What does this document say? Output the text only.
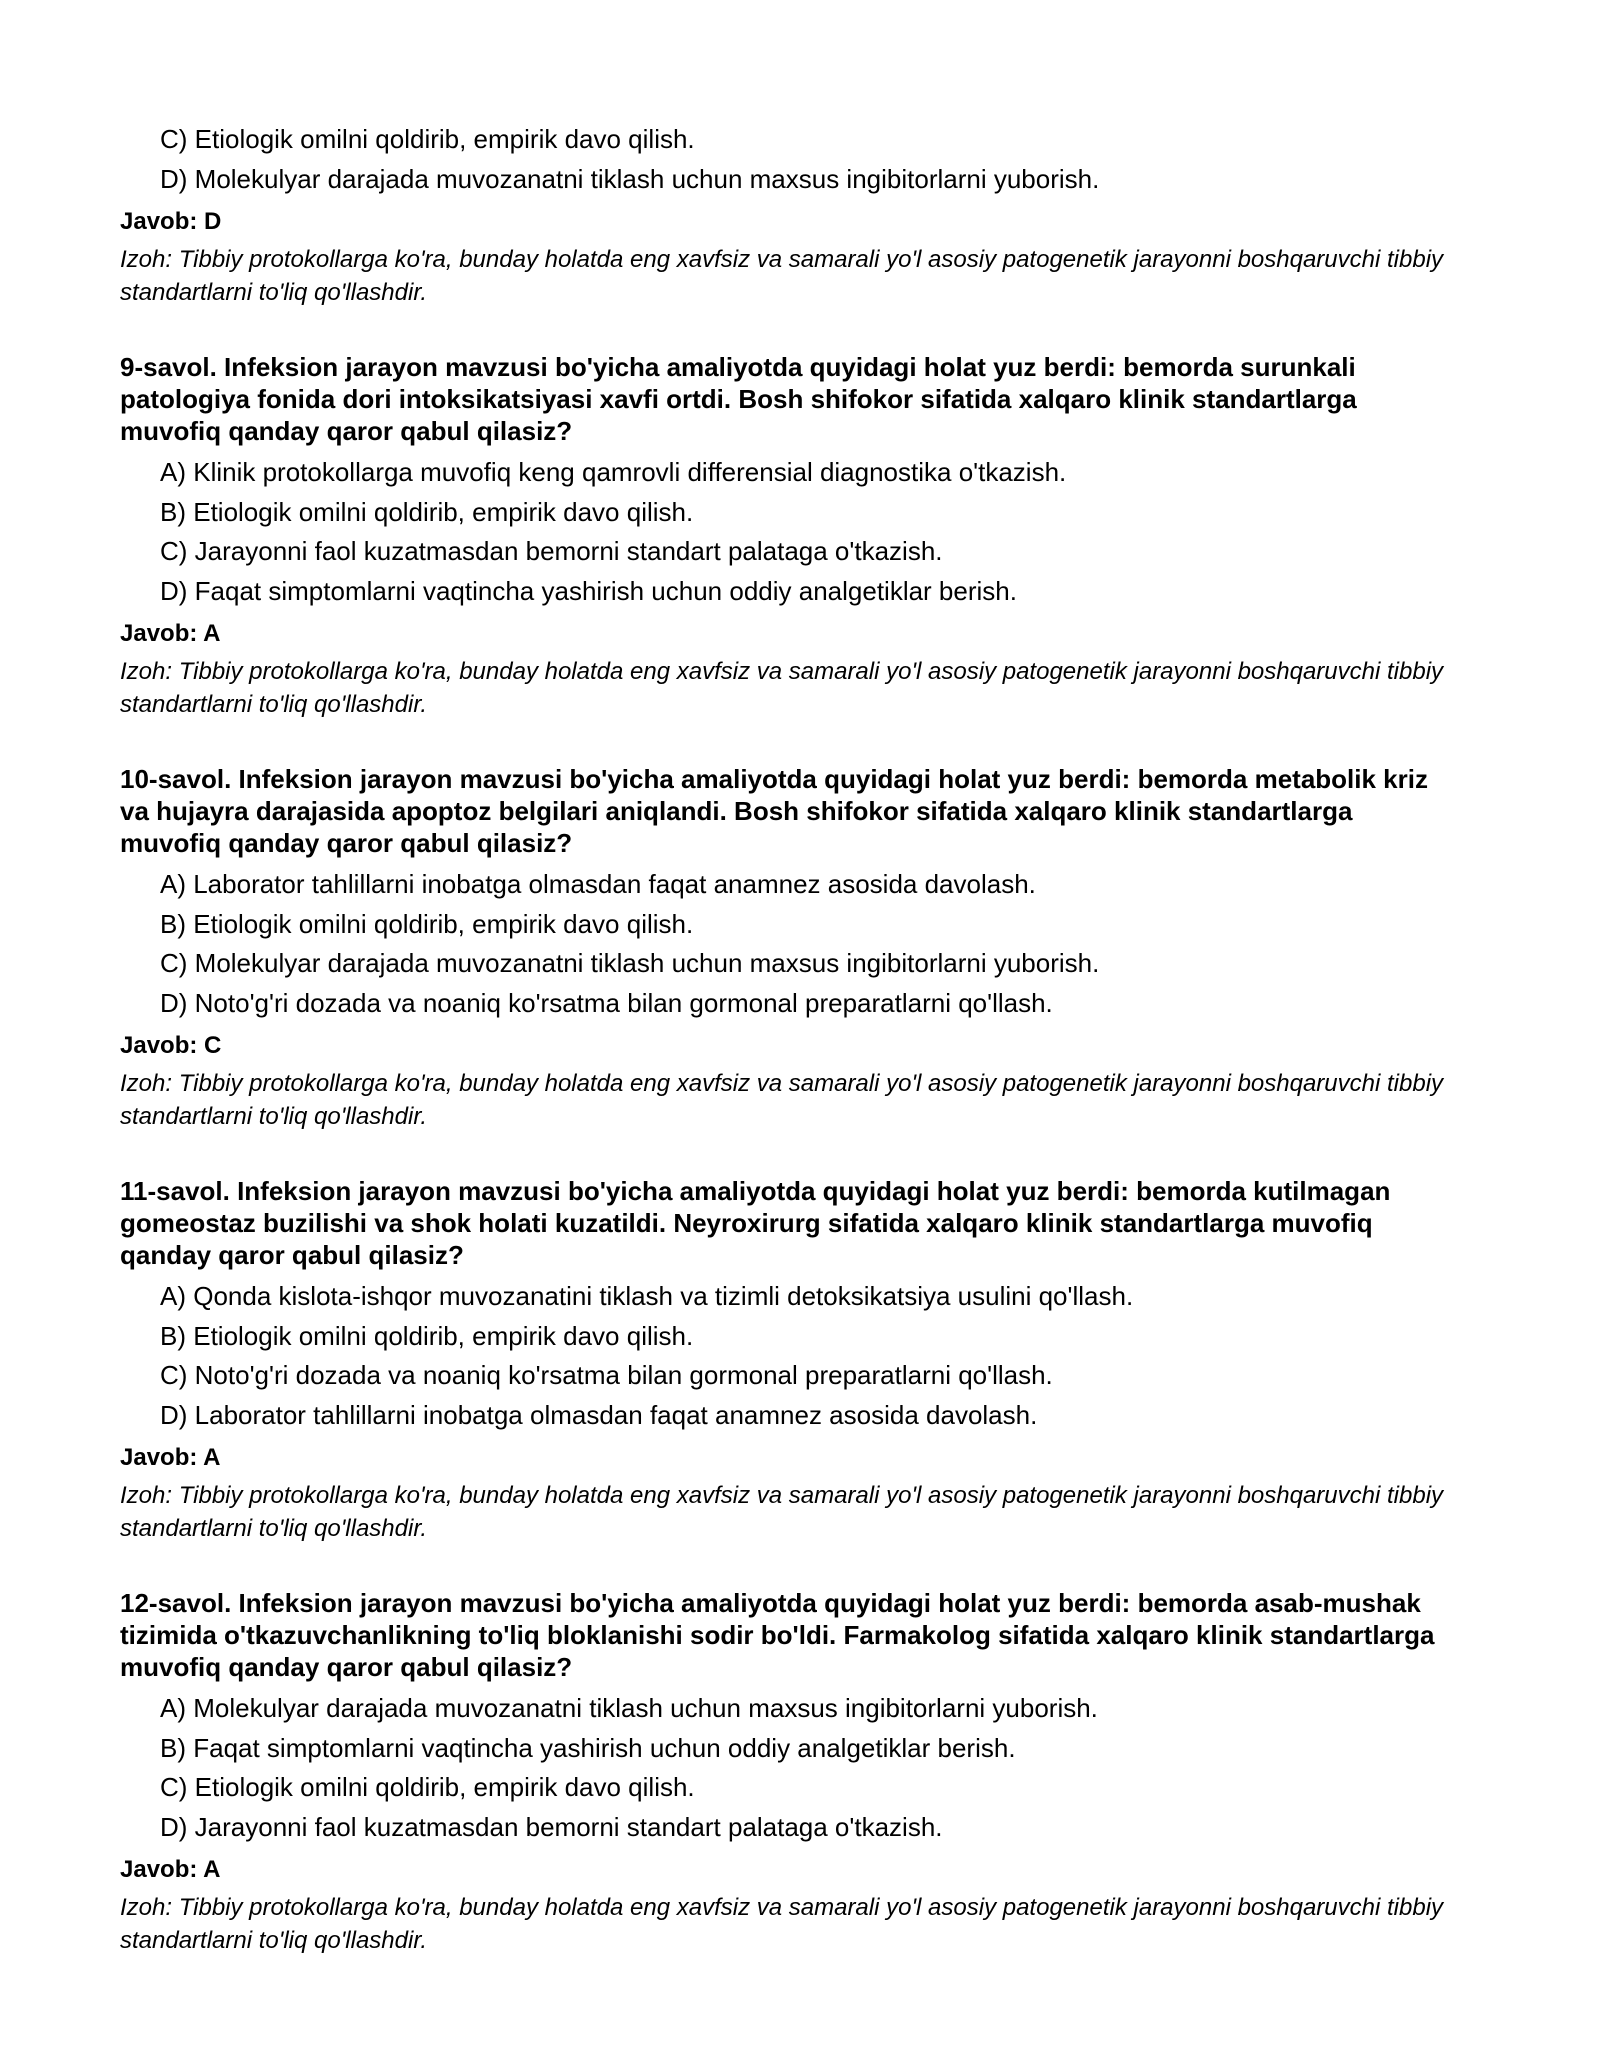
C) Etiologik omilni qoldirib, empirik davo qilish.
D) Molekulyar darajada muvozanatni tiklash uchun maxsus ingibitorlarni yuborish.
Javob: D
Izoh: Tibbiy protokollarga ko'ra, bunday holatda eng xavfsiz va samarali yo'l asosiy patogenetik jarayonni boshqaruvchi tibbiy standartlarni to'liq qo'llashdir.
9-savol. Infeksion jarayon mavzusi bo'yicha amaliyotda quyidagi holat yuz berdi: bemorda surunkali patologiya fonida dori intoksikatsiyasi xavfi ortdi. Bosh shifokor sifatida xalqaro klinik standartlarga muvofiq qanday qaror qabul qilasiz?
A) Klinik protokollarga muvofiq keng qamrovli differensial diagnostika o'tkazish.
B) Etiologik omilni qoldirib, empirik davo qilish.
C) Jarayonni faol kuzatmasdan bemorni standart palataga o'tkazish.
D) Faqat simptomlarni vaqtincha yashirish uchun oddiy analgetiklar berish.
Javob: A
Izoh: Tibbiy protokollarga ko'ra, bunday holatda eng xavfsiz va samarali yo'l asosiy patogenetik jarayonni boshqaruvchi tibbiy standartlarni to'liq qo'llashdir.
10-savol. Infeksion jarayon mavzusi bo'yicha amaliyotda quyidagi holat yuz berdi: bemorda metabolik kriz va hujayra darajasida apoptoz belgilari aniqlandi. Bosh shifokor sifatida xalqaro klinik standartlarga muvofiq qanday qaror qabul qilasiz?
A) Laborator tahlillarni inobatga olmasdan faqat anamnez asosida davolash.
B) Etiologik omilni qoldirib, empirik davo qilish.
C) Molekulyar darajada muvozanatni tiklash uchun maxsus ingibitorlarni yuborish.
D) Noto'g'ri dozada va noaniq ko'rsatma bilan gormonal preparatlarni qo'llash.
Javob: C
Izoh: Tibbiy protokollarga ko'ra, bunday holatda eng xavfsiz va samarali yo'l asosiy patogenetik jarayonni boshqaruvchi tibbiy standartlarni to'liq qo'llashdir.
11-savol. Infeksion jarayon mavzusi bo'yicha amaliyotda quyidagi holat yuz berdi: bemorda kutilmagan gomeostaz buzilishi va shok holati kuzatildi. Neyroxirurg sifatida xalqaro klinik standartlarga muvofiq qanday qaror qabul qilasiz?
A) Qonda kislota-ishqor muvozanatini tiklash va tizimli detoksikatsiya usulini qo'llash.
B) Etiologik omilni qoldirib, empirik davo qilish.
C) Noto'g'ri dozada va noaniq ko'rsatma bilan gormonal preparatlarni qo'llash.
D) Laborator tahlillarni inobatga olmasdan faqat anamnez asosida davolash.
Javob: A
Izoh: Tibbiy protokollarga ko'ra, bunday holatda eng xavfsiz va samarali yo'l asosiy patogenetik jarayonni boshqaruvchi tibbiy standartlarni to'liq qo'llashdir.
12-savol. Infeksion jarayon mavzusi bo'yicha amaliyotda quyidagi holat yuz berdi: bemorda asab-mushak tizimida o'tkazuvchanlikning to'liq bloklanishi sodir bo'ldi. Farmakolog sifatida xalqaro klinik standartlarga muvofiq qanday qaror qabul qilasiz?
A) Molekulyar darajada muvozanatni tiklash uchun maxsus ingibitorlarni yuborish.
B) Faqat simptomlarni vaqtincha yashirish uchun oddiy analgetiklar berish.
C) Etiologik omilni qoldirib, empirik davo qilish.
D) Jarayonni faol kuzatmasdan bemorni standart palataga o'tkazish.
Javob: A
Izoh: Tibbiy protokollarga ko'ra, bunday holatda eng xavfsiz va samarali yo'l asosiy patogenetik jarayonni boshqaruvchi tibbiy standartlarni to'liq qo'llashdir.
